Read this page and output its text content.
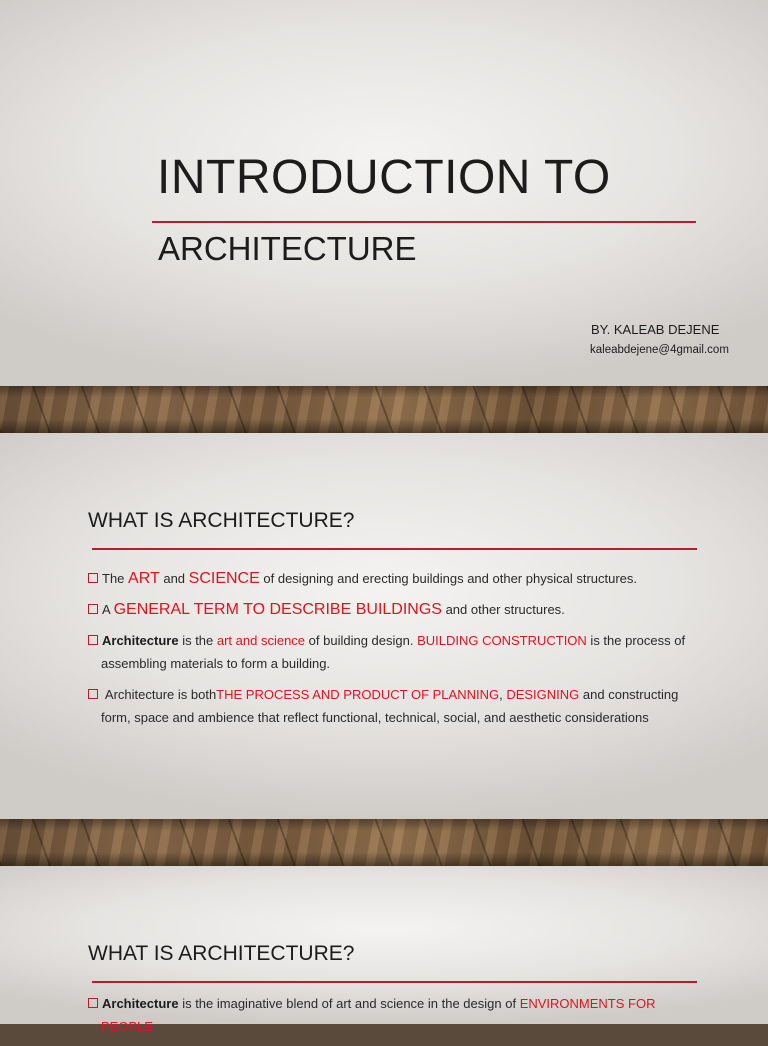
INTRODUCTION TO
ARCHITECTURE
BY. KALEAB DEJENE
kaleabdejene@4gmail.com
WHAT IS ARCHITECTURE?
The ART and SCIENCE of designing and erecting buildings and other physical structures.
A GENERAL TERM TO DESCRIBE BUILDINGS and other structures.
Architecture is the art and science of building design. BUILDING CONSTRUCTION is the process of assembling materials to form a building.
Architecture is bothTHE PROCESS AND PRODUCT OF PLANNING, DESIGNING and constructing form, space and ambience that reflect functional, technical, social, and aesthetic considerations
WHAT IS ARCHITECTURE?
Architecture is the imaginative blend of art and science in the design of ENVIRONMENTS FOR PEOPLE
